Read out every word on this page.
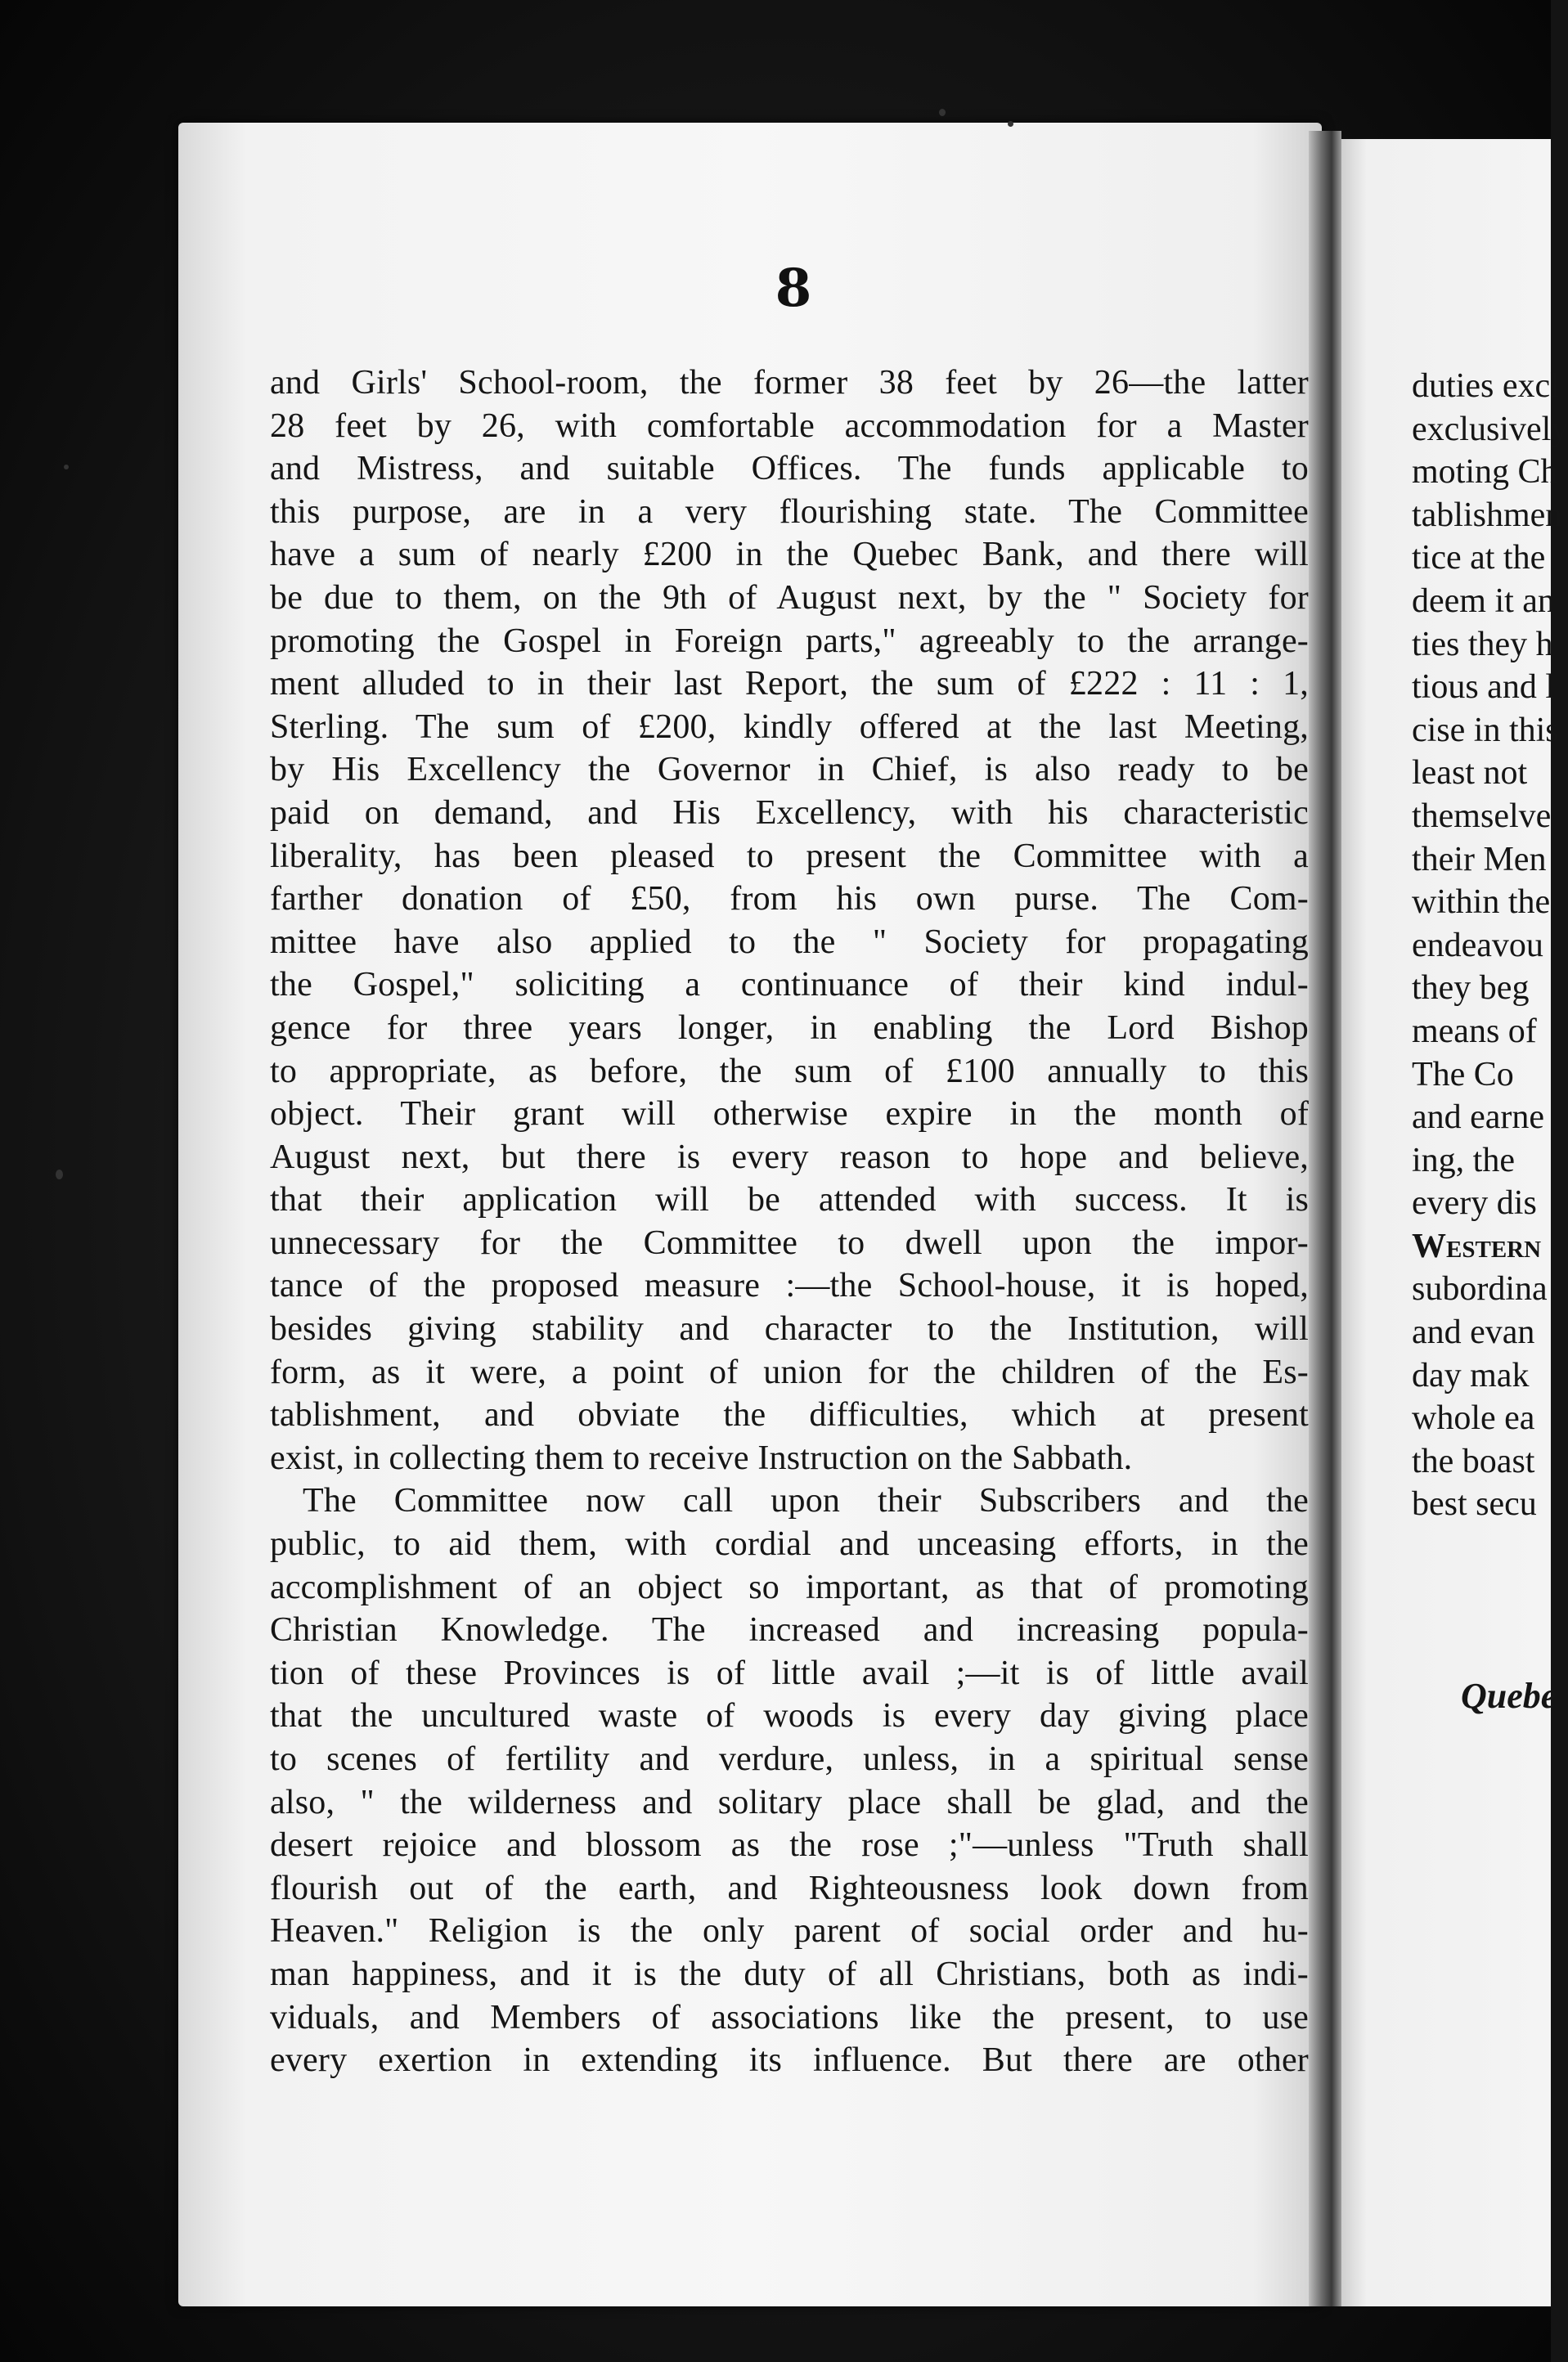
8
and Girls' School-room, the former 38 feet by 26—the latter
28 feet by 26, with comfortable accommodation for a Master
and Mistress, and suitable Offices. The funds applicable to
this purpose, are in a very flourishing state. The Committee
have a sum of nearly £200 in the Quebec Bank, and there will
be due to them, on the 9th of August next, by the " Society for
promoting the Gospel in Foreign parts," agreeably to the arrange-
ment alluded to in their last Report, the sum of £222 : 11 : 1,
Sterling. The sum of £200, kindly offered at the last Meeting,
by His Excellency the Governor in Chief, is also ready to be
paid on demand, and His Excellency, with his characteristic
liberality, has been pleased to present the Committee with a
farther donation of £50, from his own purse. The Com-
mittee have also applied to the " Society for propagating
the Gospel," soliciting a continuance of their kind indul-
gence for three years longer, in enabling the Lord Bishop
to appropriate, as before, the sum of £100 annually to this
object. Their grant will otherwise expire in the month of
August next, but there is every reason to hope and believe,
that their application will be attended with success. It is
unnecessary for the Committee to dwell upon the impor-
tance of the proposed measure :—the School-house, it is hoped,
besides giving stability and character to the Institution, will
form, as it were, a point of union for the children of the Es-
tablishment, and obviate the difficulties, which at present
exist, in collecting them to receive Instruction on the Sabbath.
The Committee now call upon their Subscribers and the
public, to aid them, with cordial and unceasing efforts, in the
accomplishment of an object so important, as that of promoting
Christian Knowledge. The increased and increasing popula-
tion of these Provinces is of little avail ;—it is of little avail
that the uncultured waste of woods is every day giving place
to scenes of fertility and verdure, unless, in a spiritual sense
also, " the wilderness and solitary place shall be glad, and the
desert rejoice and blossom as the rose ;"—unless "Truth shall
flourish out of the earth, and Righteousness look down from
Heaven." Religion is the only parent of social order and hu-
man happiness, and it is the duty of all Christians, both as indi-
viduals, and Members of associations like the present, to use
every exertion in extending its influence. But there are other
duties excl
exclusively
moting Ch
tablishmen
tice at the
deem it an
ties they h
tious and l
cise in this
least not
themselve
their Men
within the
endeavou
they beg
means of
The Co
and earne
ing, the
every dis
Western
subordina
and evan
day mak
whole ea
the boast
best secu
Quebe
